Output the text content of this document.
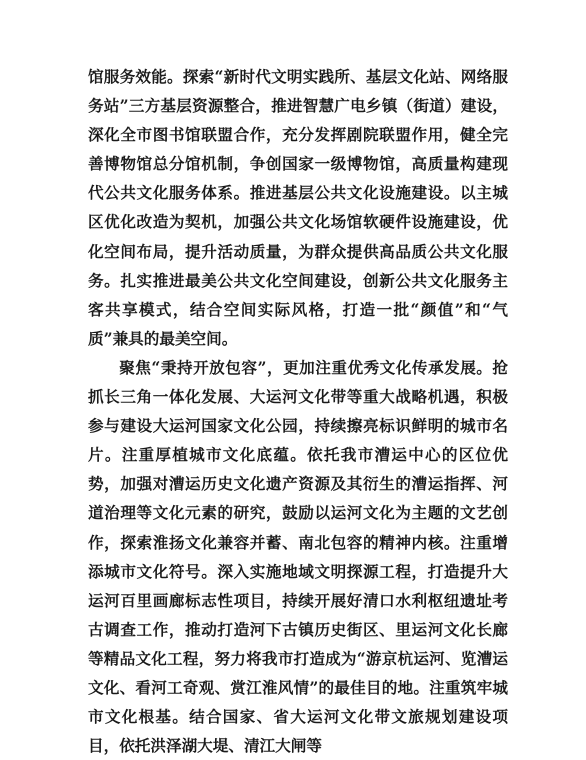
馆服务效能。探索“新时代文明实践所、基层文化站、网络服务站”三方基层资源整合，推进智慧广电乡镇（街道）建设，深化全市图书馆联盟合作，充分发挥剧院联盟作用，健全完善博物馆总分馆机制，争创国家一级博物馆，高质量构建现代公共文化服务体系。推进基层公共文化设施建设。以主城区优化改造为契机，加强公共文化场馆软硬件设施建设，优化空间布局，提升活动质量，为群众提供高品质公共文化服务。扎实推进最美公共文化空间建设，创新公共文化服务主客共享模式，结合空间实际风格，打造一批“颜值”和“气质”兼具的最美空间。

聚焦“秉持开放包容”，更加注重优秀文化传承发展。抢抓长三角一体化发展、大运河文化带等重大战略机遇，积极参与建设大运河国家文化公园，持续擦亮标识鲜明的城市名片。注重厚植城市文化底蕴。依托我市漕运中心的区位优势，加强对漕运历史文化遗产资源及其衍生的漕运指挥、河道治理等文化元素的研究，鼓励以运河文化为主题的文艺创作，探索淮扬文化兼容并蓄、南北包容的精神内核。注重增添城市文化符号。深入实施地域文明探源工程，打造提升大运河百里画廊标志性项目，持续开展好清口水利枢纽遗址考古调查工作，推动打造河下古镇历史街区、里运河文化长廊等精品文化工程，努力将我市打造成为“游京杭运河、览漕运文化、看河工奇观、赏江淮风情”的最佳目的地。注重筑牢城市文化根基。结合国家、省大运河文化带文旅规划建设项目，依托洪泽湖大堤、清江大闸等
